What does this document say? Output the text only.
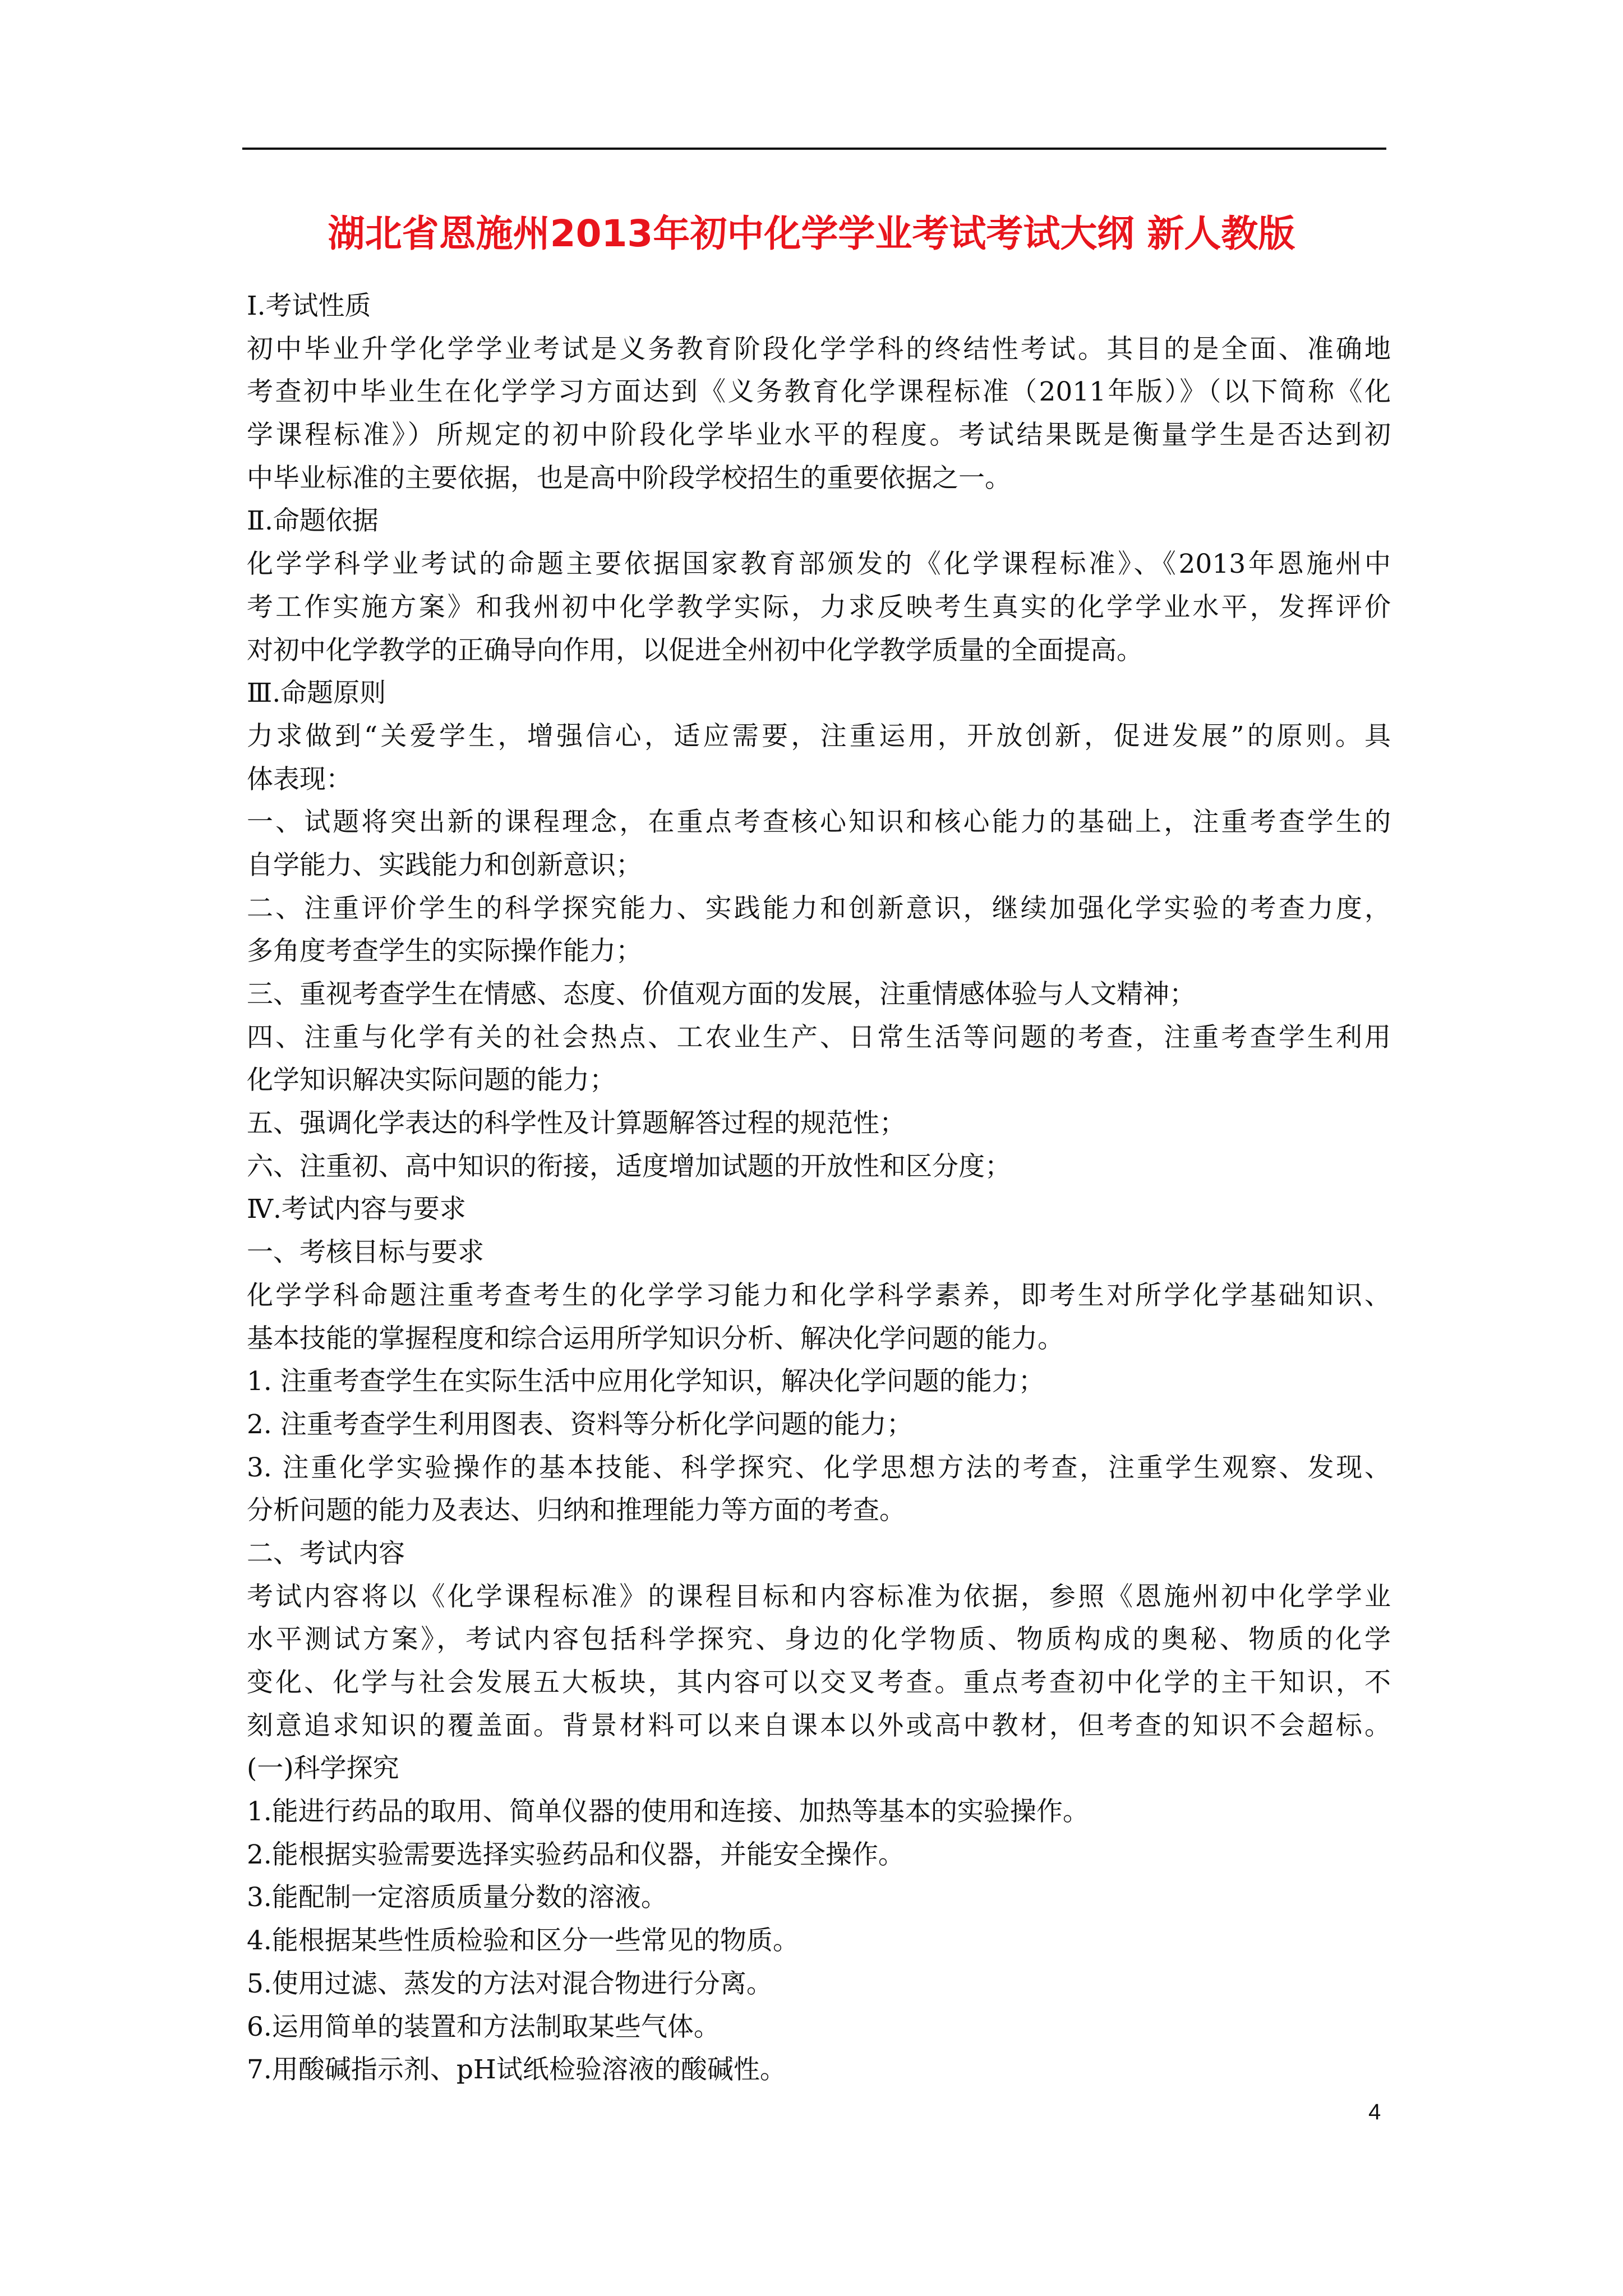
湖北省恩施州2013年初中化学学业考试考试大纲 新人教版
Ⅰ.考试性质
初中毕业升学化学学业考试是义务教育阶段化学学科的终结性考试。其目的是全面、准确地
考查初中毕业生在化学学习方面达到《义务教育化学课程标准（2011年版）》（以下简称《化
学课程标准》）所规定的初中阶段化学毕业水平的程度。考试结果既是衡量学生是否达到初
中毕业标准的主要依据，也是高中阶段学校招生的重要依据之一。
Ⅱ.命题依据
化学学科学业考试的命题主要依据国家教育部颁发的《化学课程标准》、《2013年恩施州中
考工作实施方案》和我州初中化学教学实际，力求反映考生真实的化学学业水平，发挥评价
对初中化学教学的正确导向作用，以促进全州初中化学教学质量的全面提高。
Ⅲ.命题原则
力求做到“关爱学生，增强信心，适应需要，注重运用，开放创新，促进发展”的原则。具
体表现：
一、试题将突出新的课程理念，在重点考查核心知识和核心能力的基础上，注重考查学生的
自学能力、实践能力和创新意识；
二、注重评价学生的科学探究能力、实践能力和创新意识，继续加强化学实验的考查力度，
多角度考查学生的实际操作能力；
三、重视考查学生在情感、态度、价值观方面的发展，注重情感体验与人文精神；
四、注重与化学有关的社会热点、工农业生产、日常生活等问题的考查，注重考查学生利用
化学知识解决实际问题的能力；
五、强调化学表达的科学性及计算题解答过程的规范性；
六、注重初、高中知识的衔接，适度增加试题的开放性和区分度；
Ⅳ.考试内容与要求
一、考核目标与要求
化学学科命题注重考查考生的化学学习能力和化学科学素养，即考生对所学化学基础知识、
基本技能的掌握程度和综合运用所学知识分析、解决化学问题的能力。
1. 注重考查学生在实际生活中应用化学知识，解决化学问题的能力；
2. 注重考查学生利用图表、资料等分析化学问题的能力；
3. 注重化学实验操作的基本技能、科学探究、化学思想方法的考查，注重学生观察、发现、
分析问题的能力及表达、归纳和推理能力等方面的考查。
二、考试内容
考试内容将以《化学课程标准》的课程目标和内容标准为依据，参照《恩施州初中化学学业
水平测试方案》，考试内容包括科学探究、身边的化学物质、物质构成的奥秘、物质的化学
变化、化学与社会发展五大板块，其内容可以交叉考查。重点考查初中化学的主干知识，不
刻意追求知识的覆盖面。背景材料可以来自课本以外或高中教材，但考查的知识不会超标。
(一)科学探究
1.能进行药品的取用、简单仪器的使用和连接、加热等基本的实验操作。
2.能根据实验需要选择实验药品和仪器，并能安全操作。
3.能配制一定溶质质量分数的溶液。
4.能根据某些性质检验和区分一些常见的物质。
5.使用过滤、蒸发的方法对混合物进行分离。
6.运用简单的装置和方法制取某些气体。
7.用酸碱指示剂、pH试纸检验溶液的酸碱性。
4
